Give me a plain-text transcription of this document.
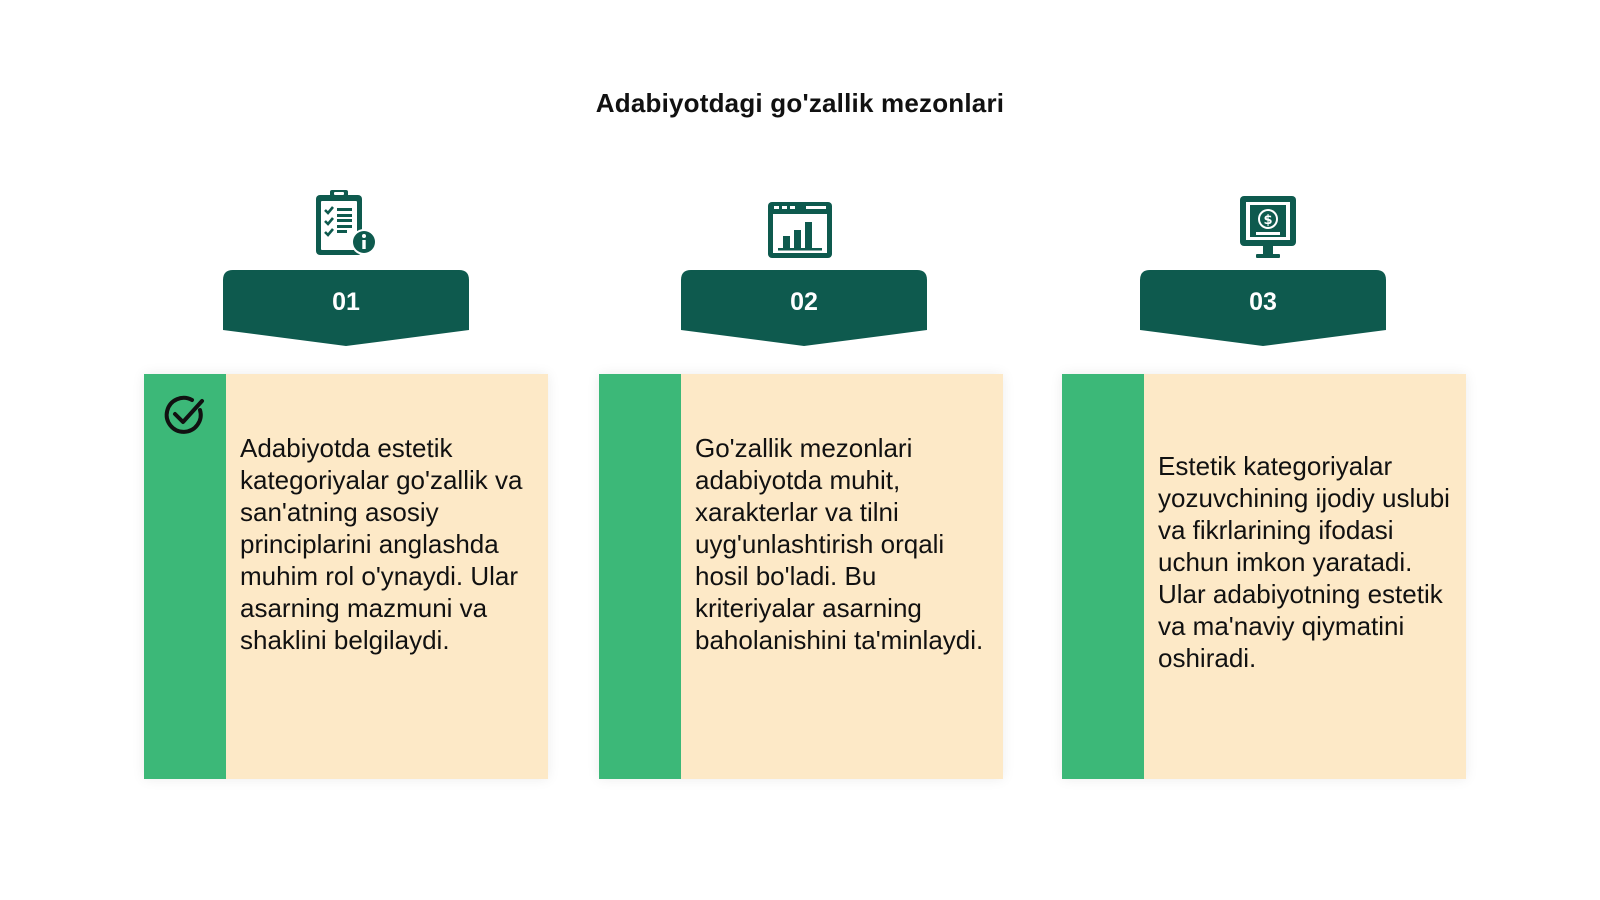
Adabiyotdagi go'zallik mezonlari
$
01	02	03
Adabiyotda estetik kategoriyalar go'zallik va san'atning asosiy principlarini anglashda muhim rol o'ynaydi. Ular asarning mazmuni va shaklini belgilaydi.
Go'zallik mezonlari adabiyotda muhit, xarakterlar va tilni uyg'unlashtirish orqali hosil bo'ladi. Bu kriteriyalar asarning baholanishini ta'minlaydi.
Estetik kategoriyalar yozuvchining ijodiy uslubi va fikrlarining ifodasi uchun imkon yaratadi. Ular adabiyotning estetik va ma'naviy qiymatini oshiradi.
